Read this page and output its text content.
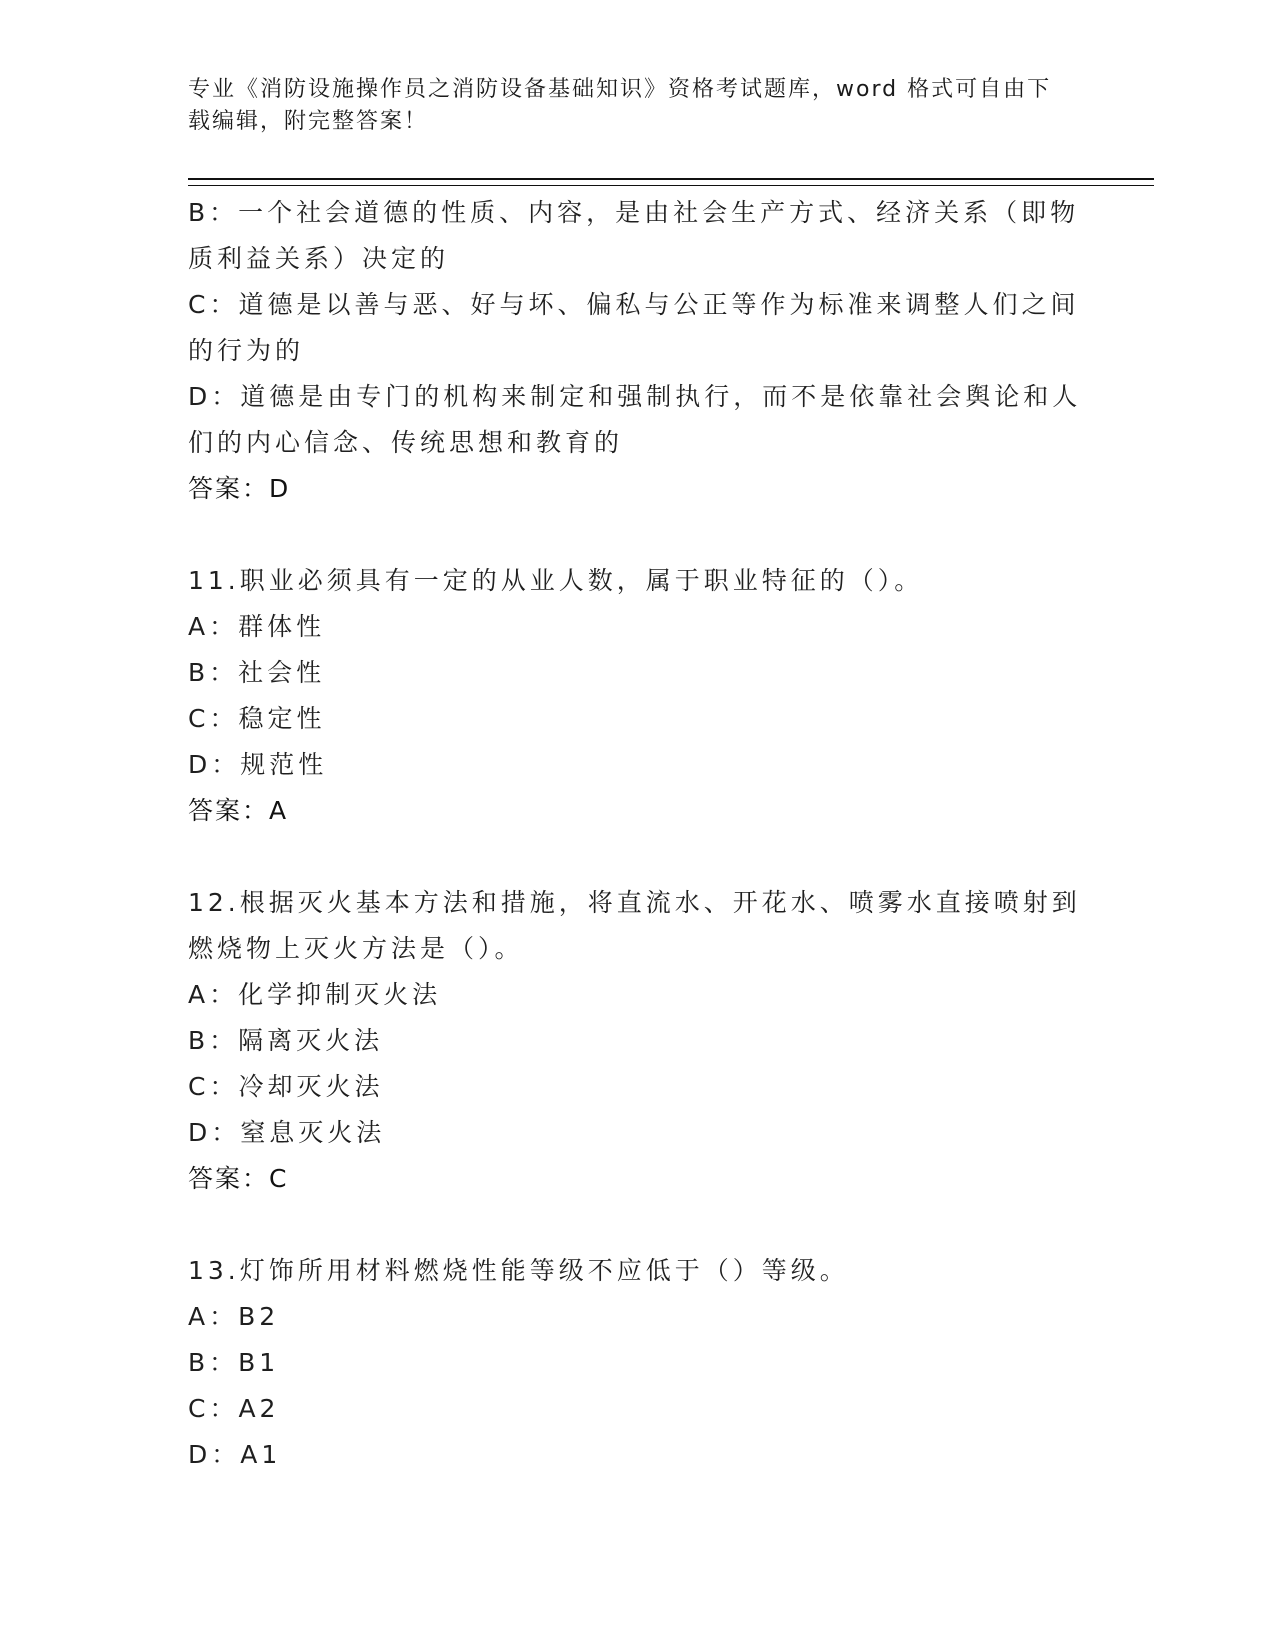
专业《消防设施操作员之消防设备基础知识》资格考试题库，word 格式可自由下
载编辑，附完整答案！
B：一个社会道德的性质、内容，是由社会生产方式、经济关系（即物
质利益关系）决定的
C：道德是以善与恶、好与坏、偏私与公正等作为标准来调整人们之间
的行为的
D：道德是由专门的机构来制定和强制执行，而不是依靠社会舆论和人
们的内心信念、传统思想和教育的
答案：D
11.职业必须具有一定的从业人数，属于职业特征的（）。
A：群体性
B：社会性
C：稳定性
D：规范性
答案：A
12.根据灭火基本方法和措施，将直流水、开花水、喷雾水直接喷射到
燃烧物上灭火方法是（）。
A：化学抑制灭火法
B：隔离灭火法
C：冷却灭火法
D：窒息灭火法
答案：C
13.灯饰所用材料燃烧性能等级不应低于（）等级。
A：B2
B：B1
C：A2
D：A1
